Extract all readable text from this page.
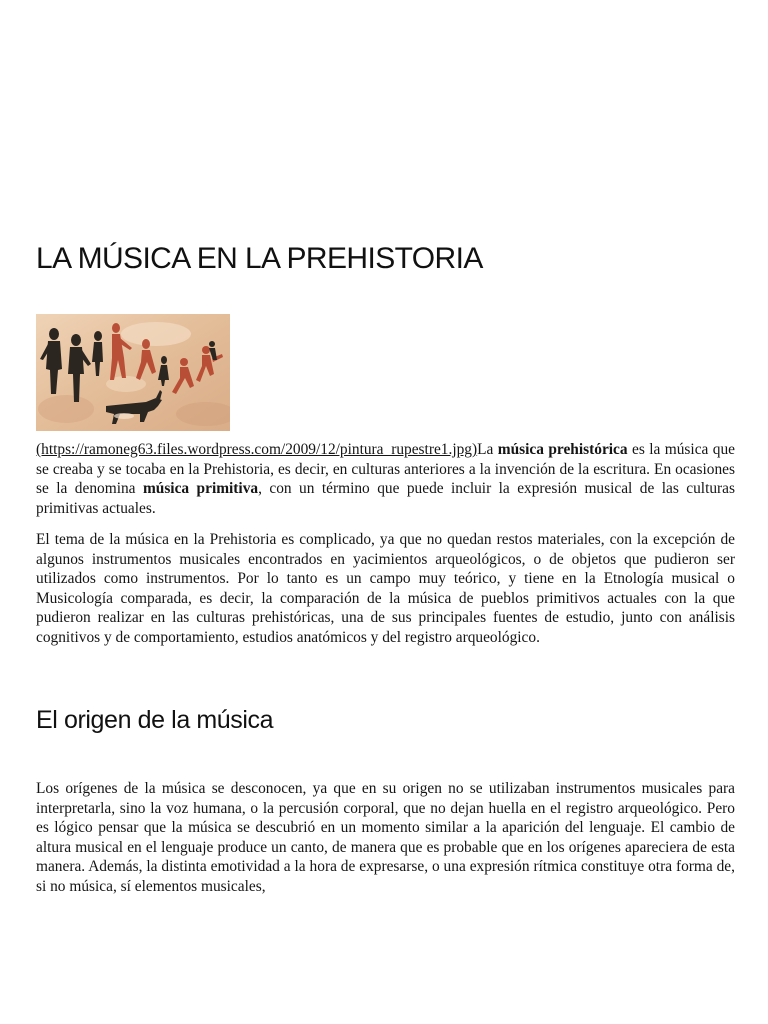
LA MÚSICA EN LA PREHISTORIA

(https://ramoneg63.files.wordpress.com/2009/12/pintura_rupestre1.jpg)La música prehistórica es la música que se creaba y se tocaba en la Prehistoria, es decir, en culturas anteriores a la invención de la escritura. En ocasiones se la denomina música primitiva, con un término que puede incluir la expresión musical de las culturas primitivas actuales.

El tema de la música en la Prehistoria es complicado, ya que no quedan restos materiales, con la excepción de algunos instrumentos musicales encontrados en yacimientos arqueológicos, o de objetos que pudieron ser utilizados como instrumentos. Por lo tanto es un campo muy teórico, y tiene en la Etnología musical o Musicología comparada, es decir, la comparación de la música de pueblos primitivos actuales con la que pudieron realizar en las culturas prehistóricas, una de sus principales fuentes de estudio, junto con análisis cognitivos y de comportamiento, estudios anatómicos y del registro arqueológico.

El origen de la música

Los orígenes de la música se desconocen, ya que en su origen no se utilizaban instrumentos musicales para interpretarla, sino la voz humana, o la percusión corporal, que no dejan huella en el registro arqueológico. Pero es lógico pensar que la música se descubrió en un momento similar a la aparición del lenguaje. El cambio de altura musical en el lenguaje produce un canto, de manera que es probable que en los orígenes apareciera de esta manera. Además, la distinta emotividad a la hora de expresarse, o una expresión rítmica constituye otra forma de, si no música, sí elementos musicales,
